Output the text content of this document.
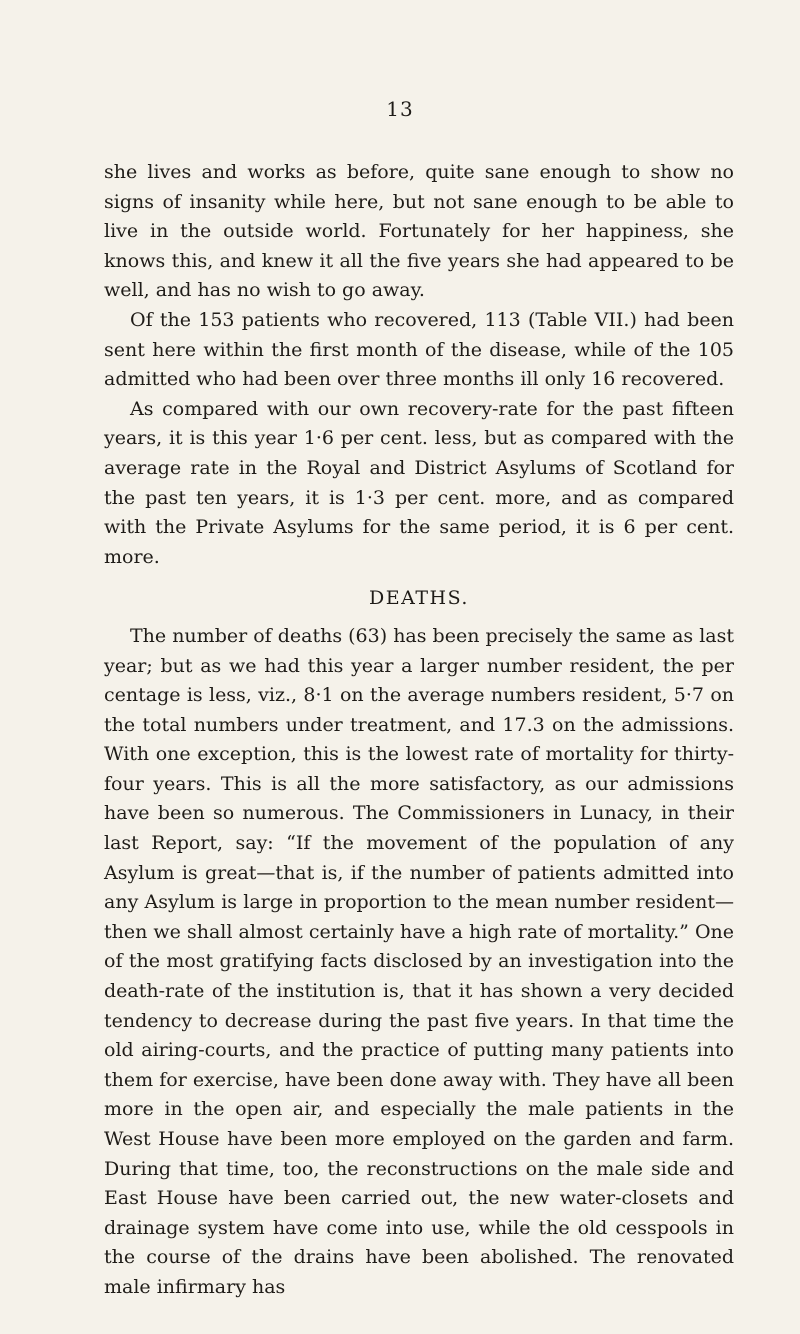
13

she lives and works as before, quite sane enough to show no signs of insanity while here, but not sane enough to be able to live in the outside world. Fortunately for her happiness, she knows this, and knew it all the five years she had appeared to be well, and has no wish to go away.

Of the 153 patients who recovered, 113 (Table VII.) had been sent here within the first month of the disease, while of the 105 admitted who had been over three months ill only 16 recovered.

As compared with our own recovery-rate for the past fifteen years, it is this year 1·6 per cent. less, but as compared with the average rate in the Royal and District Asylums of Scotland for the past ten years, it is 1·3 per cent. more, and as compared with the Private Asylums for the same period, it is 6 per cent. more.

DEATHS.

The number of deaths (63) has been precisely the same as last year; but as we had this year a larger number resident, the per centage is less, viz., 8·1 on the average numbers resident, 5·7 on the total numbers under treatment, and 17.3 on the admissions. With one exception, this is the lowest rate of mortality for thirty-four years. This is all the more satisfactory, as our admissions have been so numerous. The Commissioners in Lunacy, in their last Report, say: “If the movement of the population of any Asylum is great—that is, if the number of patients admitted into any Asylum is large in proportion to the mean number resident—then we shall almost certainly have a high rate of mortality.” One of the most gratifying facts disclosed by an investigation into the death-rate of the institution is, that it has shown a very decided tendency to decrease during the past five years. In that time the old airing-courts, and the practice of putting many patients into them for exercise, have been done away with. They have all been more in the open air, and especially the male patients in the West House have been more employed on the garden and farm. During that time, too, the reconstructions on the male side and East House have been carried out, the new water-closets and drainage system have come into use, while the old cesspools in the course of the drains have been abolished. The renovated male infirmary has
